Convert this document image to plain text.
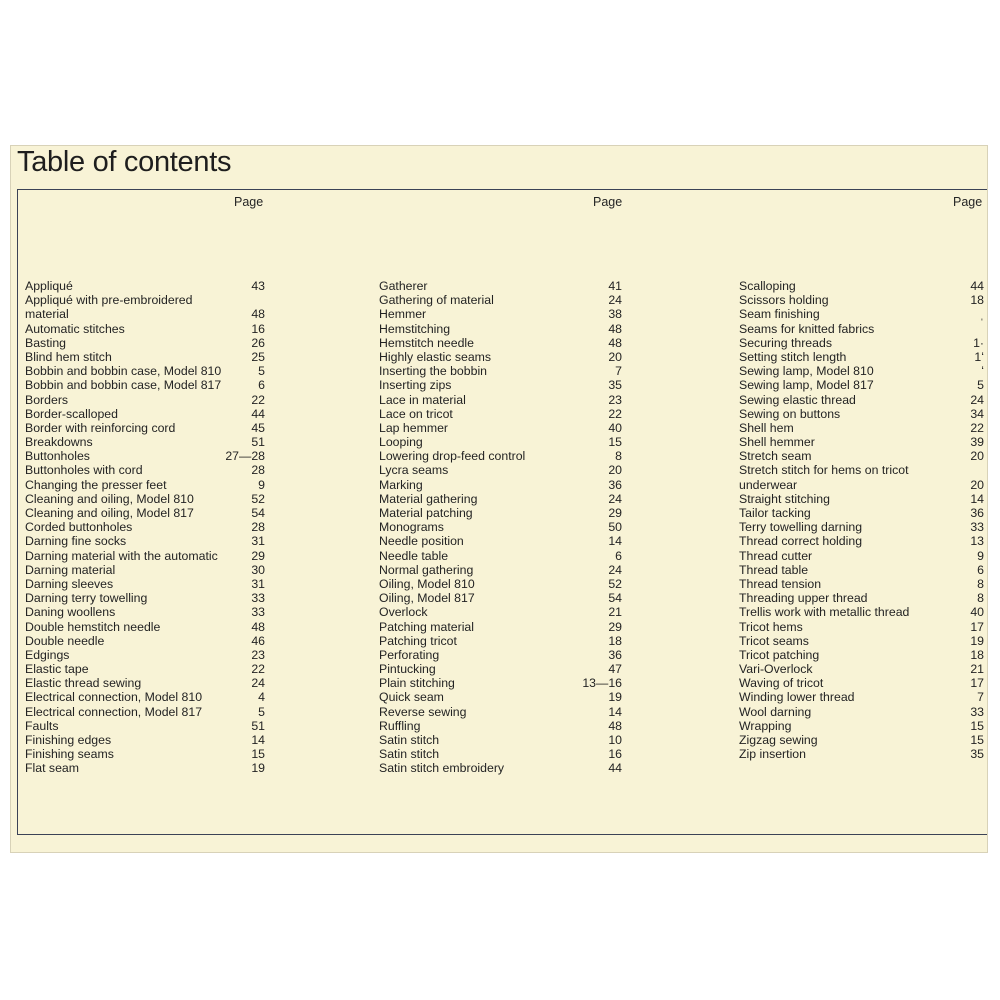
Table of contents
Page	Page	Page
Appliqué	43
Appliqué with pre-embroidered
material	48
Automatic stitches	16
Basting	26
Blind hem stitch	25
Bobbin and bobbin case, Model 810	5
Bobbin and bobbin case, Model 817	6
Borders	22
Border-scalloped	44
Border with reinforcing cord	45
Breakdowns	51
Buttonholes	27—28
Buttonholes with cord	28
Changing the presser feet	9
Cleaning and oiling, Model 810	52
Cleaning and oiling, Model 817	54
Corded buttonholes	28
Darning fine socks	31
Darning material with the automatic	29
Darning material	30
Darning sleeves	31
Darning terry towelling	33
Daning woollens	33
Double hemstitch needle	48
Double needle	46
Edgings	23
Elastic tape	22
Elastic thread sewing	24
Electrical connection, Model 810	4
Electrical connection, Model 817	5
Faults	51
Finishing edges	14
Finishing seams	15
Flat seam	19
Gatherer	41
Gathering of material	24
Hemmer	38
Hemstitching	48
Hemstitch needle	48
Highly elastic seams	20
Inserting the bobbin	7
Inserting zips	35
Lace in material	23
Lace on tricot	22
Lap hemmer	40
Looping	15
Lowering drop-feed control	8
Lycra seams	20
Marking	36
Material gathering	24
Material patching	29
Monograms	50
Needle position	14
Needle table	6
Normal gathering	24
Oiling, Model 810	52
Oiling, Model 817	54
Overlock	21
Patching material	29
Patching tricot	18
Perforating	36
Pintucking	47
Plain stitching	13—16
Quick seam	19
Reverse sewing	14
Ruffling	48
Satin stitch	10
Satin stitch	16
Satin stitch embroidery	44
Scalloping	44
Scissors holding	18
Seam finishing	ˌ
Seams for knitted fabrics
Securing threads	1·
Setting stitch length	1ʻ
Sewing lamp, Model 810	ʻ
Sewing lamp, Model 817	5
Sewing elastic thread	24
Sewing on buttons	34
Shell hem	22
Shell hemmer	39
Stretch seam	20
Stretch stitch for hems on tricot
underwear	20
Straight stitching	14
Tailor tacking	36
Terry towelling darning	33
Thread correct holding	13
Thread cutter	9
Thread table	6
Thread tension	8
Threading upper thread	8
Trellis work with metallic thread	40
Tricot hems	17
Tricot seams	19
Tricot patching	18
Vari-Overlock	21
Waving of tricot	17
Winding lower thread	7
Wool darning	33
Wrapping	15
Zigzag sewing	15
Zip insertion	35
